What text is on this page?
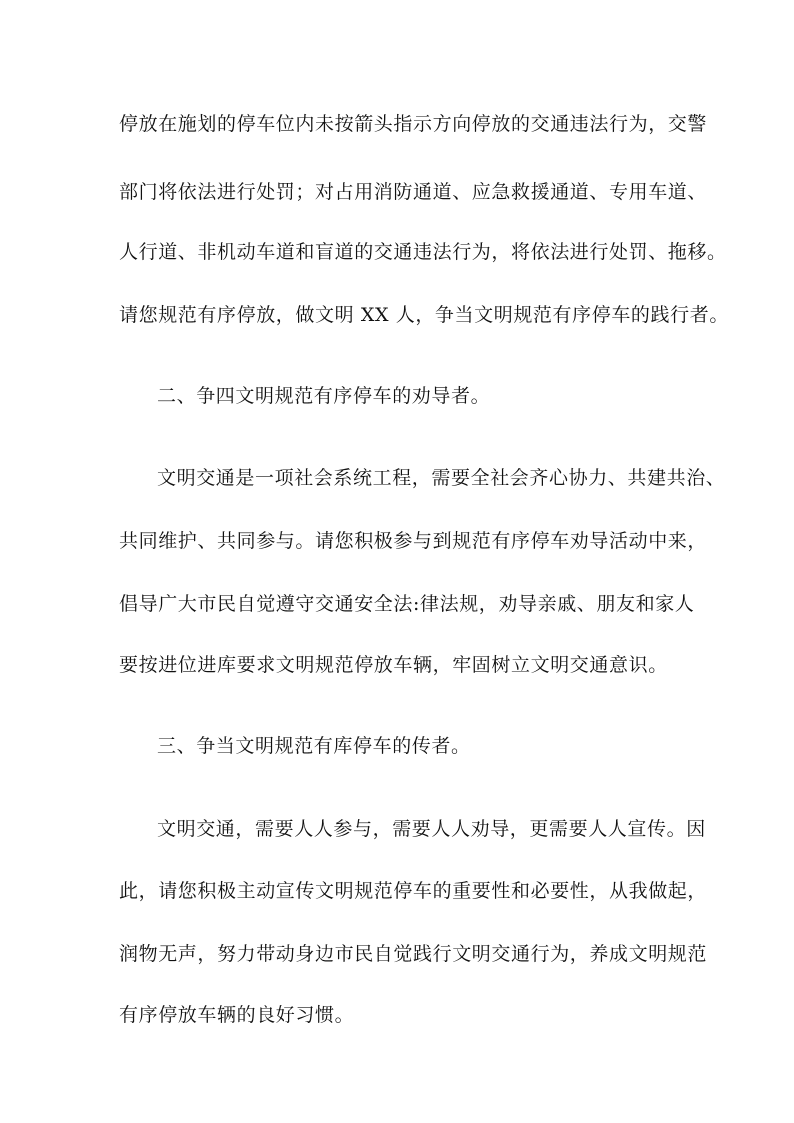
停放在施划的停车位内未按箭头指示方向停放的交通违法行为，交警
部门将依法进行处罚；对占用消防通道、应急救援通道、专用车道、
人行道、非机动车道和盲道的交通违法行为，将依法进行处罚、拖移。
请您规范有序停放，做文明 XX 人，争当文明规范有序停车的践行者。
二、争四文明规范有序停车的劝导者。
文明交通是一项社会系统工程，需要全社会齐心协力、共建共治、
共同维护、共同参与。请您积极参与到规范有序停车劝导活动中来，
倡导广大市民自觉遵守交通安全法:律法规，劝导亲戚、朋友和家人
要按进位进库要求文明规范停放车辆，牢固树立文明交通意识。
三、争当文明规范有库停车的传者。
文明交通，需要人人参与，需要人人劝导，更需要人人宣传。因
此，请您积极主动宣传文明规范停车的重要性和必要性，从我做起，
润物无声，努力带动身边市民自觉践行文明交通行为，养成文明规范
有序停放车辆的良好习惯。
